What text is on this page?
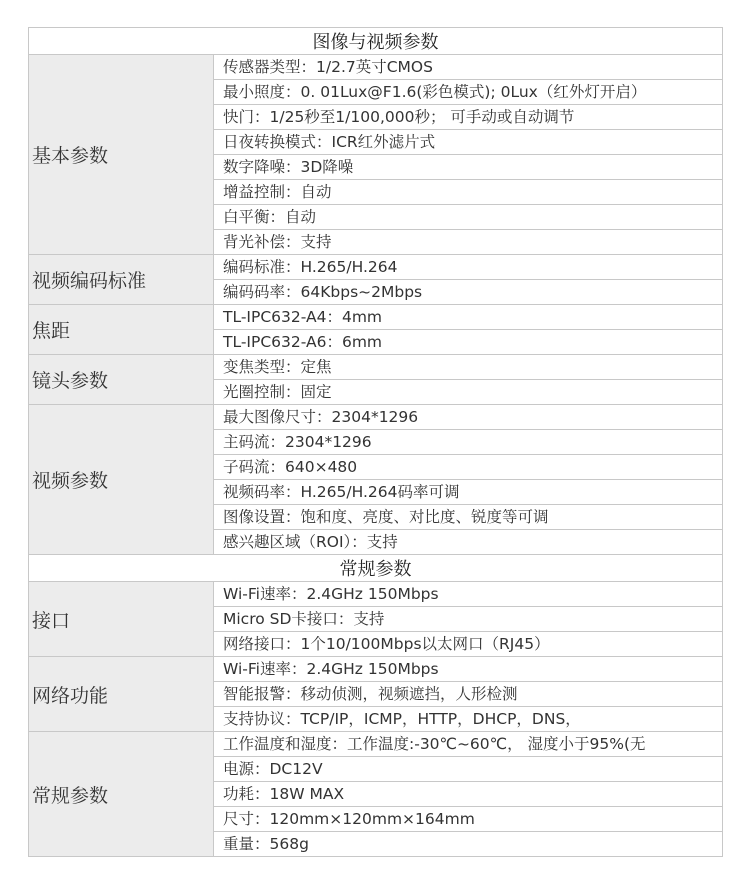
图像与视频参数	
基本参数	传感器类型：1/2.7英寸CMOS
	最小照度：0. 01Lux@F1.6(彩色模式); 0Lux（红外灯开启）
	快门：1/25秒至1/100,000秒； 可手动或自动调节
	日夜转换模式：ICR红外滤片式
	数字降噪：3D降噪
	增益控制：自动
	白平衡：自动
	背光补偿：支持
视频编码标准	编码标准：H.265/H.264
	编码码率：64Kbps~2Mbps
焦距	TL-IPC632-A4：4mm
	TL-IPC632-A6：6mm
镜头参数	变焦类型：定焦
	光圈控制：固定
视频参数	最大图像尺寸：2304*1296
	主码流：2304*1296
	子码流：640×480
	视频码率：H.265/H.264码率可调
	图像设置：饱和度、亮度、对比度、锐度等可调
	感兴趣区域（ROI）：支持
常规参数	
接口	Wi-Fi速率：2.4GHz 150Mbps
	Micro SD卡接口：支持
	网络接口：1个10/100Mbps以太网口（RJ45）
网络功能	Wi-Fi速率：2.4GHz 150Mbps
	智能报警：移动侦测，视频遮挡，人形检测
	支持协议：TCP/IP，ICMP，HTTP，DHCP，DNS，
常规参数	工作温度和湿度：工作温度:-30℃~60℃， 湿度小于95%(无
	电源：DC12V
	功耗：18W MAX
	尺寸：120mm×120mm×164mm
	重量：568g
